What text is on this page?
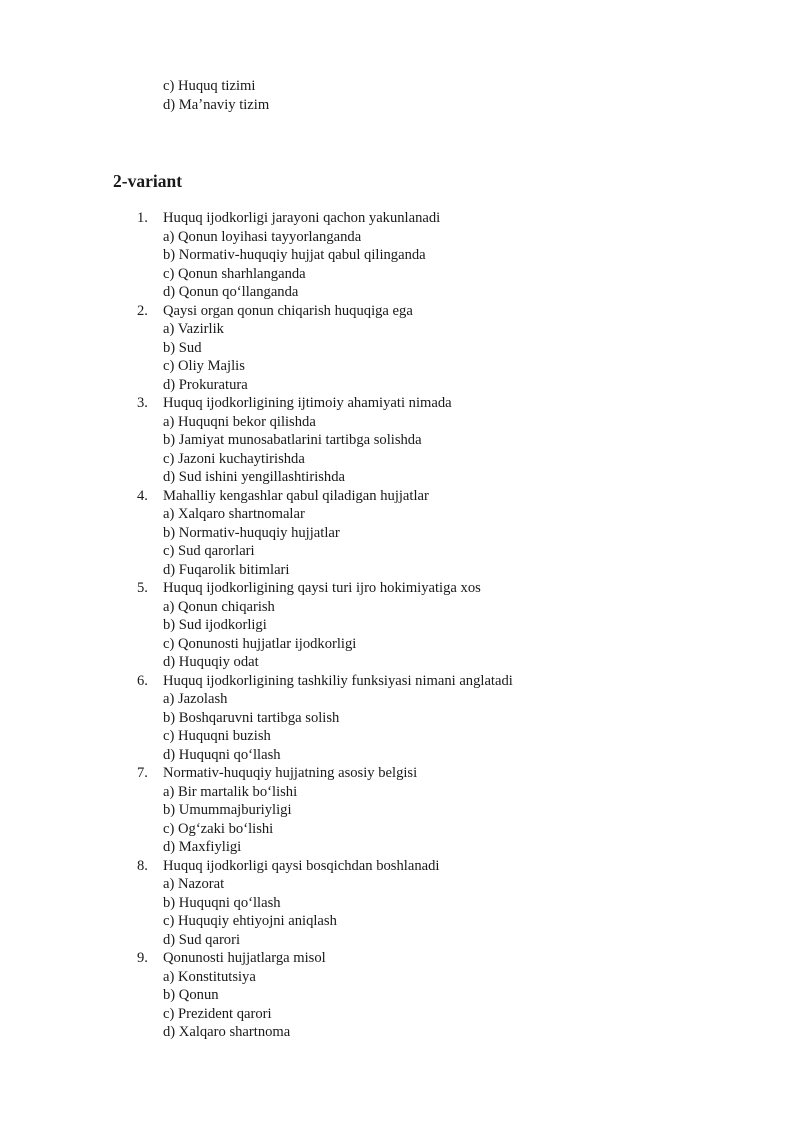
c) Huquq tizimi
d) Maʼnaviy tizim
2-variant
1.	Huquq ijodkorligi jarayoni qachon yakunlanadi
a) Qonun loyihasi tayyorlanganda
b) Normativ-huquqiy hujjat qabul qilinganda
c) Qonun sharhlanganda
d) Qonun qoʻllanganda
2.	Qaysi organ qonun chiqarish huquqiga ega
a) Vazirlik
b) Sud
c) Oliy Majlis
d) Prokuratura
3.	Huquq ijodkorligining ijtimoiy ahamiyati nimada
a) Huquqni bekor qilishda
b) Jamiyat munosabatlarini tartibga solishda
c) Jazoni kuchaytirishda
d) Sud ishini yengillashtirishda
4.	Mahalliy kengashlar qabul qiladigan hujjatlar
a) Xalqaro shartnomalar
b) Normativ-huquqiy hujjatlar
c) Sud qarorlari
d) Fuqarolik bitimlari
5.	Huquq ijodkorligining qaysi turi ijro hokimiyatiga xos
a) Qonun chiqarish
b) Sud ijodkorligi
c) Qonunosti hujjatlar ijodkorligi
d) Huquqiy odat
6.	Huquq ijodkorligining tashkiliy funksiyasi nimani anglatadi
a) Jazolash
b) Boshqaruvni tartibga solish
c) Huquqni buzish
d) Huquqni qoʻllash
7.	Normativ-huquqiy hujjatning asosiy belgisi
a) Bir martalik boʻlishi
b) Umummajburiyligi
c) Ogʻzaki boʻlishi
d) Maxfiyligi
8.	Huquq ijodkorligi qaysi bosqichdan boshlanadi
a) Nazorat
b) Huquqni qoʻllash
c) Huquqiy ehtiyojni aniqlash
d) Sud qarori
9.	Qonunosti hujjatlarga misol
a) Konstitutsiya
b) Qonun
c) Prezident qarori
d) Xalqaro shartnoma
